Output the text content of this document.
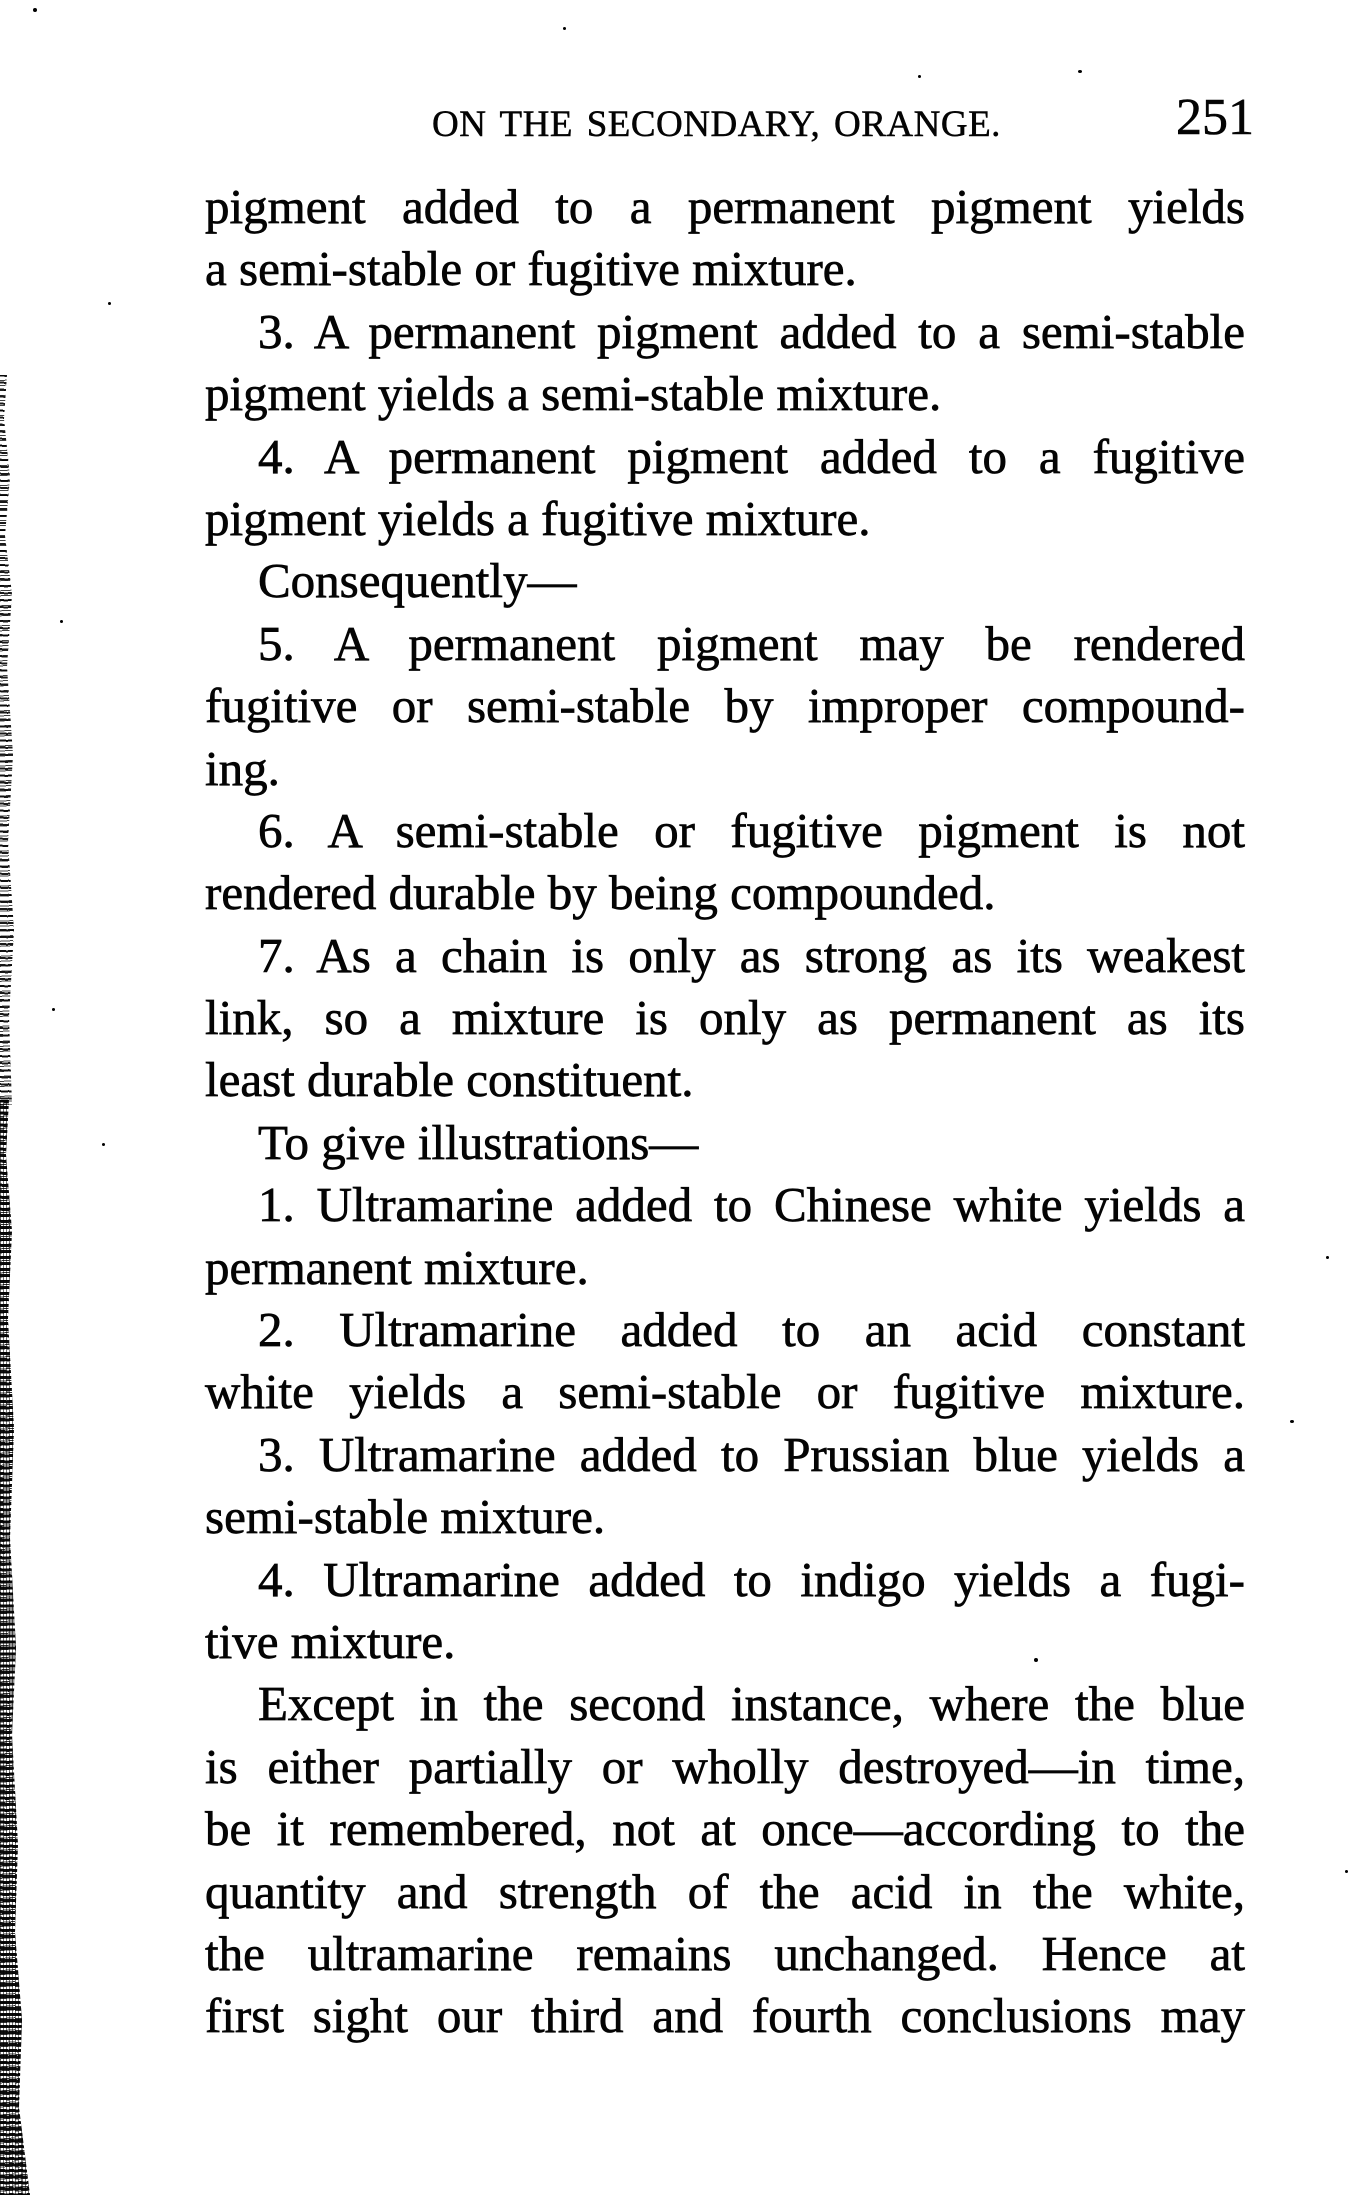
ON THE SECONDARY, ORANGE.	251
pigment added to a permanent pigment yields
a semi-stable or fugitive mixture.
3. A permanent pigment added to a semi-stable
pigment yields a semi-stable mixture.
4. A permanent pigment added to a fugitive
pigment yields a fugitive mixture.
Consequently—
5. A permanent pigment may be rendered
fugitive or semi-stable by improper compound-
ing.
6. A semi-stable or fugitive pigment is not
rendered durable by being compounded.
7. As a chain is only as strong as its weakest
link, so a mixture is only as permanent as its
least durable constituent.
To give illustrations—
1. Ultramarine added to Chinese white yields a
permanent mixture.
2. Ultramarine added to an acid constant
white yields a semi-stable or fugitive mixture.
3. Ultramarine added to Prussian blue yields a
semi-stable mixture.
4. Ultramarine added to indigo yields a fugi-
tive mixture.
Except in the second instance, where the blue
is either partially or wholly destroyed—in time,
be it remembered, not at once—according to the
quantity and strength of the acid in the white,
the ultramarine remains unchanged. Hence at
first sight our third and fourth conclusions may
